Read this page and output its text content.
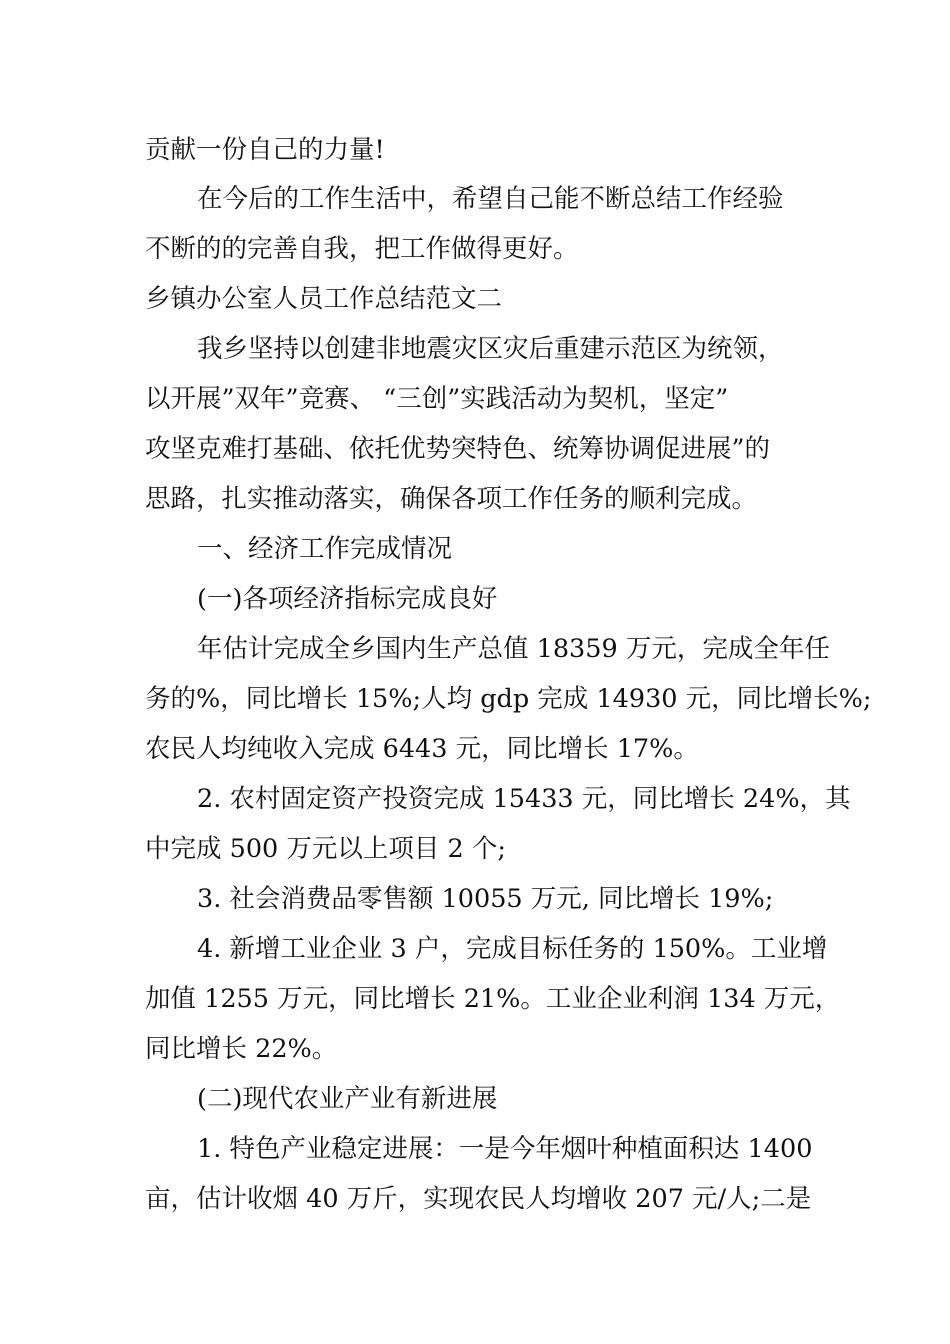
贡献一份自己的力量!
在今后的工作生活中，希望自己能不断总结工作经验
不断的的完善自我，把工作做得更好。
乡镇办公室人员工作总结范文二
我乡坚持以创建非地震灾区灾后重建示范区为统领，
以开展”双年”竞赛、 “三创”实践活动为契机，坚定”
攻坚克难打基础、依托优势突特色、统筹协调促进展”的
思路，扎实推动落实，确保各项工作任务的顺利完成。
一、经济工作完成情况
(一)各项经济指标完成良好
年估计完成全乡国内生产总值 18359 万元，完成全年任
务的%，同比增长 15%;人均 gdp 完成 14930 元，同比增长%;
农民人均纯收入完成 6443 元，同比增长 17%。
2. 农村固定资产投资完成 15433 元，同比增长 24%，其
中完成 500 万元以上项目 2 个;
3. 社会消费品零售额 10055 万元, 同比增长 19%;
4. 新增工业企业 3 户，完成目标任务的 150%。工业增
加值 1255 万元，同比增长 21%。工业企业利润 134 万元，
同比增长 22%。
(二)现代农业产业有新进展
1. 特色产业稳定进展：一是今年烟叶种植面积达 1400
亩，估计收烟 40 万斤，实现农民人均增收 207 元/人;二是
